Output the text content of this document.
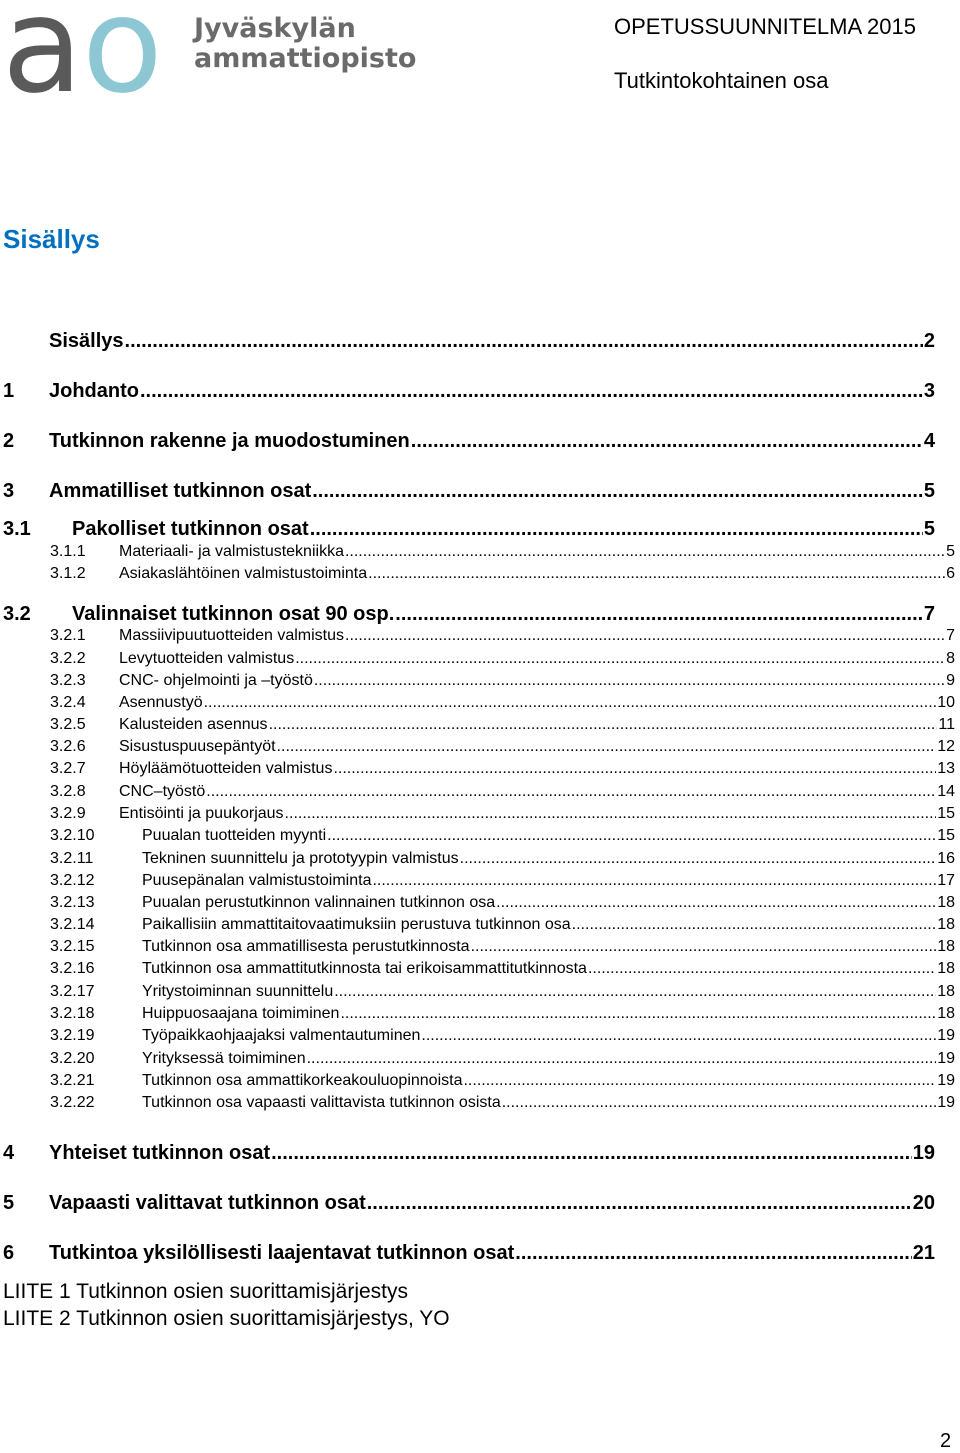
a o Jyväskylän
ammattiopisto
OPETUSSUUNNITELMA 2015
Tutkintokohtainen osa
Sisällys
Sisällys .....	2
1	Johdanto .....	3
2	Tutkinnon rakenne ja muodostuminen .....	4
3	Ammatilliset tutkinnon osat .....	5
3.1	Pakolliset tutkinnon osat .....	5
3.1.1	Materiaali- ja valmistustekniikka .....	5
3.1.2	Asiakaslähtöinen valmistustoiminta .....	6
3.2	Valinnaiset tutkinnon osat 90 osp. .....	7
3.2.1	Massiivipuutuotteiden valmistus .....	7
3.2.2	Levytuotteiden valmistus .....	8
3.2.3	CNC- ohjelmointi ja –työstö .....	9
3.2.4	Asennustyö .....	10
3.2.5	Kalusteiden asennus .....	11
3.2.6	Sisustuspuusepäntyöt .....	12
3.2.7	Höyläämötuotteiden valmistus .....	13
3.2.8	CNC–työstö .....	14
3.2.9	Entisöinti ja puukorjaus .....	15
3.2.10	Puualan tuotteiden myynti .....	15
3.2.11	Tekninen suunnittelu ja prototyypin valmistus .....	16
3.2.12	Puusepänalan valmistustoiminta .....	17
3.2.13	Puualan perustutkinnon valinnainen tutkinnon osa .....	18
3.2.14	Paikallisiin ammattitaitovaatimuksiin perustuva tutkinnon osa .....	18
3.2.15	Tutkinnon osa ammatillisesta perustutkinnosta .....	18
3.2.16	Tutkinnon osa ammattitutkinnosta tai erikoisammattitutkinnosta .....	18
3.2.17	Yritystoiminnan suunnittelu .....	18
3.2.18	Huippuosaajana toimiminen .....	18
3.2.19	Työpaikkaohjaajaksi valmentautuminen .....	19
3.2.20	Yrityksessä toimiminen .....	19
3.2.21	Tutkinnon osa ammattikorkeakouluopinnoista .....	19
3.2.22	Tutkinnon osa vapaasti valittavista tutkinnon osista .....	19
4	Yhteiset tutkinnon osat .....	19
5	Vapaasti valittavat tutkinnon osat .....	20
6	Tutkintoa yksilöllisesti laajentavat tutkinnon osat .....	21
LIITE 1 Tutkinnon osien suorittamisjärjestys
LIITE 2 Tutkinnon osien suorittamisjärjestys, YO
2
